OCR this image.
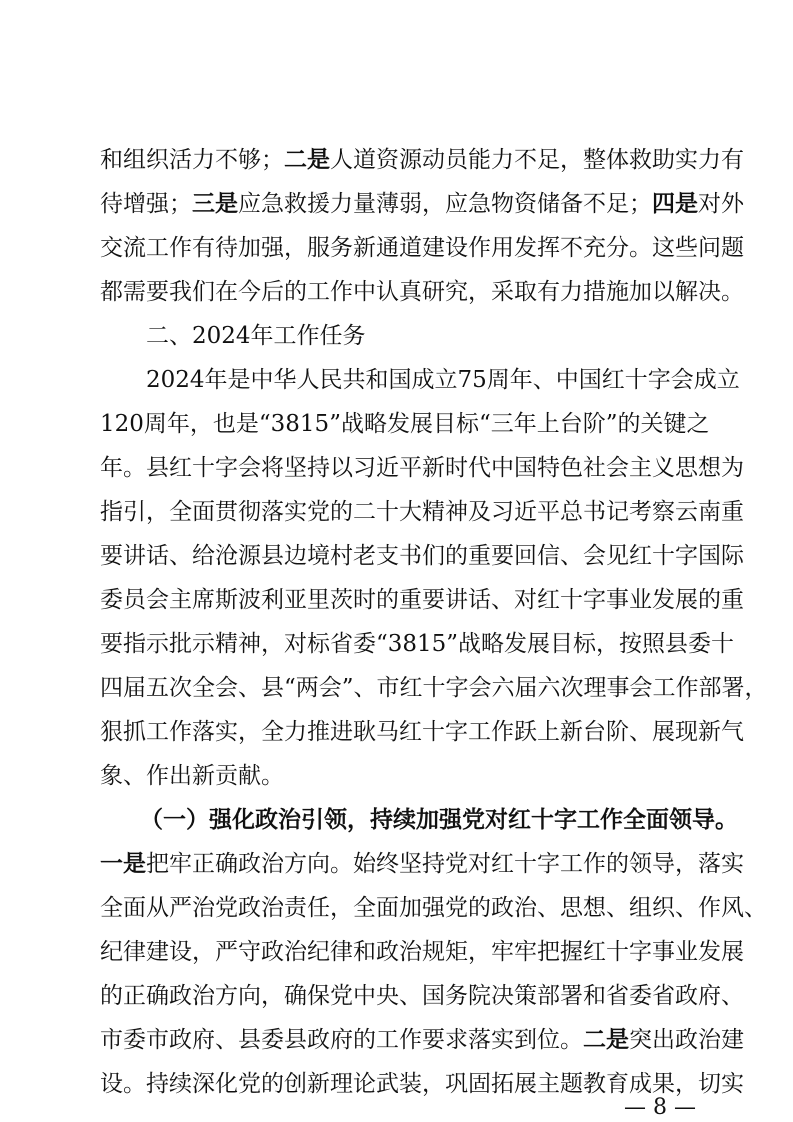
和组织活力不够；二是人道资源动员能力不足，整体救助实力有
待增强；三是应急救援力量薄弱，应急物资储备不足；四是对外
交流工作有待加强，服务新通道建设作用发挥不充分。这些问题
都需要我们在今后的工作中认真研究，采取有力措施加以解决。
二、2024年工作任务
2024年是中华人民共和国成立75周年、中国红十字会成立
120周年，也是“3815”战略发展目标“三年上台阶”的关键之
年。县红十字会将坚持以习近平新时代中国特色社会主义思想为
指引，全面贯彻落实党的二十大精神及习近平总书记考察云南重
要讲话、给沧源县边境村老支书们的重要回信、会见红十字国际
委员会主席斯波利亚里茨时的重要讲话、对红十字事业发展的重
要指示批示精神，对标省委“3815”战略发展目标，按照县委十
四届五次全会、县“两会”、市红十字会六届六次理事会工作部署，
狠抓工作落实，全力推进耿马红十字工作跃上新台阶、展现新气
象、作出新贡献。
（一）强化政治引领，持续加强党对红十字工作全面领导。
一是把牢正确政治方向。始终坚持党对红十字工作的领导，落实
全面从严治党政治责任，全面加强党的政治、思想、组织、作风、
纪律建设，严守政治纪律和政治规矩，牢牢把握红十字事业发展
的正确政治方向，确保党中央、国务院决策部署和省委省政府、
市委市政府、县委县政府的工作要求落实到位。二是突出政治建
设。持续深化党的创新理论武装，巩固拓展主题教育成果，切实
— 8 —
